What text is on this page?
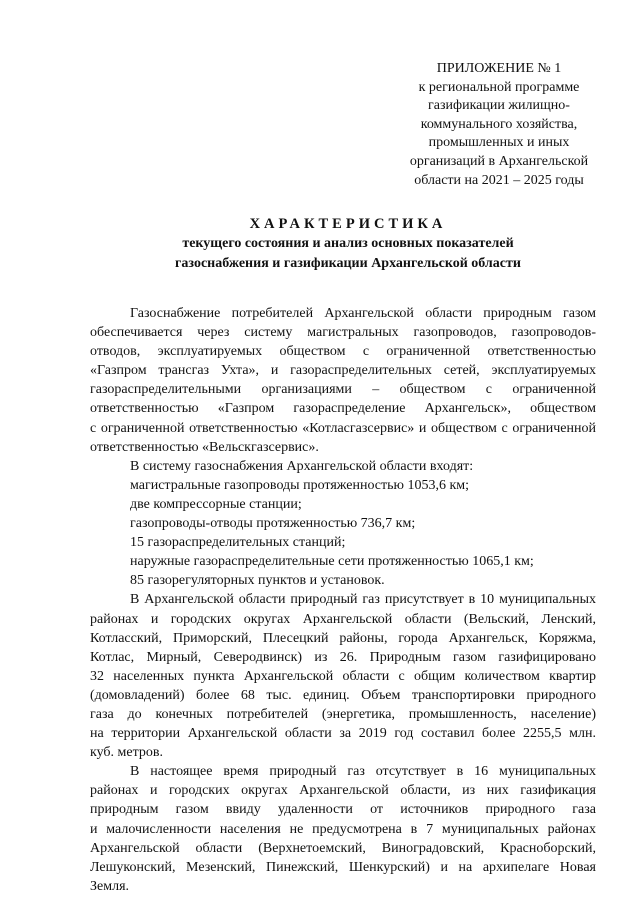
ПРИЛОЖЕНИЕ № 1
к региональной программе
газификации жилищно-
коммунального хозяйства,
промышленных и иных
организаций в Архангельской
области на 2021 – 2025 годы
ХАРАКТЕРИСТИКА
текущего состояния и анализ основных показателей
газоснабжения и газификации Архангельской области
Газоснабжение потребителей Архангельской области природным газом
обеспечивается через систему магистральных газопроводов, газопроводов-
отводов, эксплуатируемых обществом с ограниченной ответственностью
«Газпром трансгаз Ухта», и газораспределительных сетей, эксплуатируемых
газораспределительными организациями – обществом с ограниченной
ответственностью «Газпром газораспределение Архангельск», обществом
с ограниченной ответственностью «Котласгазсервис» и обществом с ограниченной
ответственностью «Вельскгазсервис».
В систему газоснабжения Архангельской области входят:
магистральные газопроводы протяженностью 1053,6 км;
две компрессорные станции;
газопроводы-отводы протяженностью 736,7 км;
15 газораспределительных станций;
наружные газораспределительные сети протяженностью 1065,1 км;
85 газорегуляторных пунктов и установок.
В Архангельской области природный газ присутствует в 10 муниципальных
районах и городских округах Архангельской области (Вельский, Ленский,
Котласский, Приморский, Плесецкий районы, города Архангельск, Коряжма,
Котлас, Мирный, Северодвинск) из 26. Природным газом газифицировано
32 населенных пункта Архангельской области с общим количеством квартир
(домовладений) более 68 тыс. единиц. Объем транспортировки природного
газа до конечных потребителей (энергетика, промышленность, население)
на территории Архангельской области за 2019 год составил более 2255,5 млн.
куб. метров.
В настоящее время природный газ отсутствует в 16 муниципальных
районах и городских округах Архангельской области, из них газификация
природным газом ввиду удаленности от источников природного газа
и малочисленности населения не предусмотрена в 7 муниципальных районах
Архангельской области (Верхнетоемский, Виноградовский, Красноборский,
Лешуконский, Мезенский, Пинежский, Шенкурский) и на архипелаге Новая
Земля.
